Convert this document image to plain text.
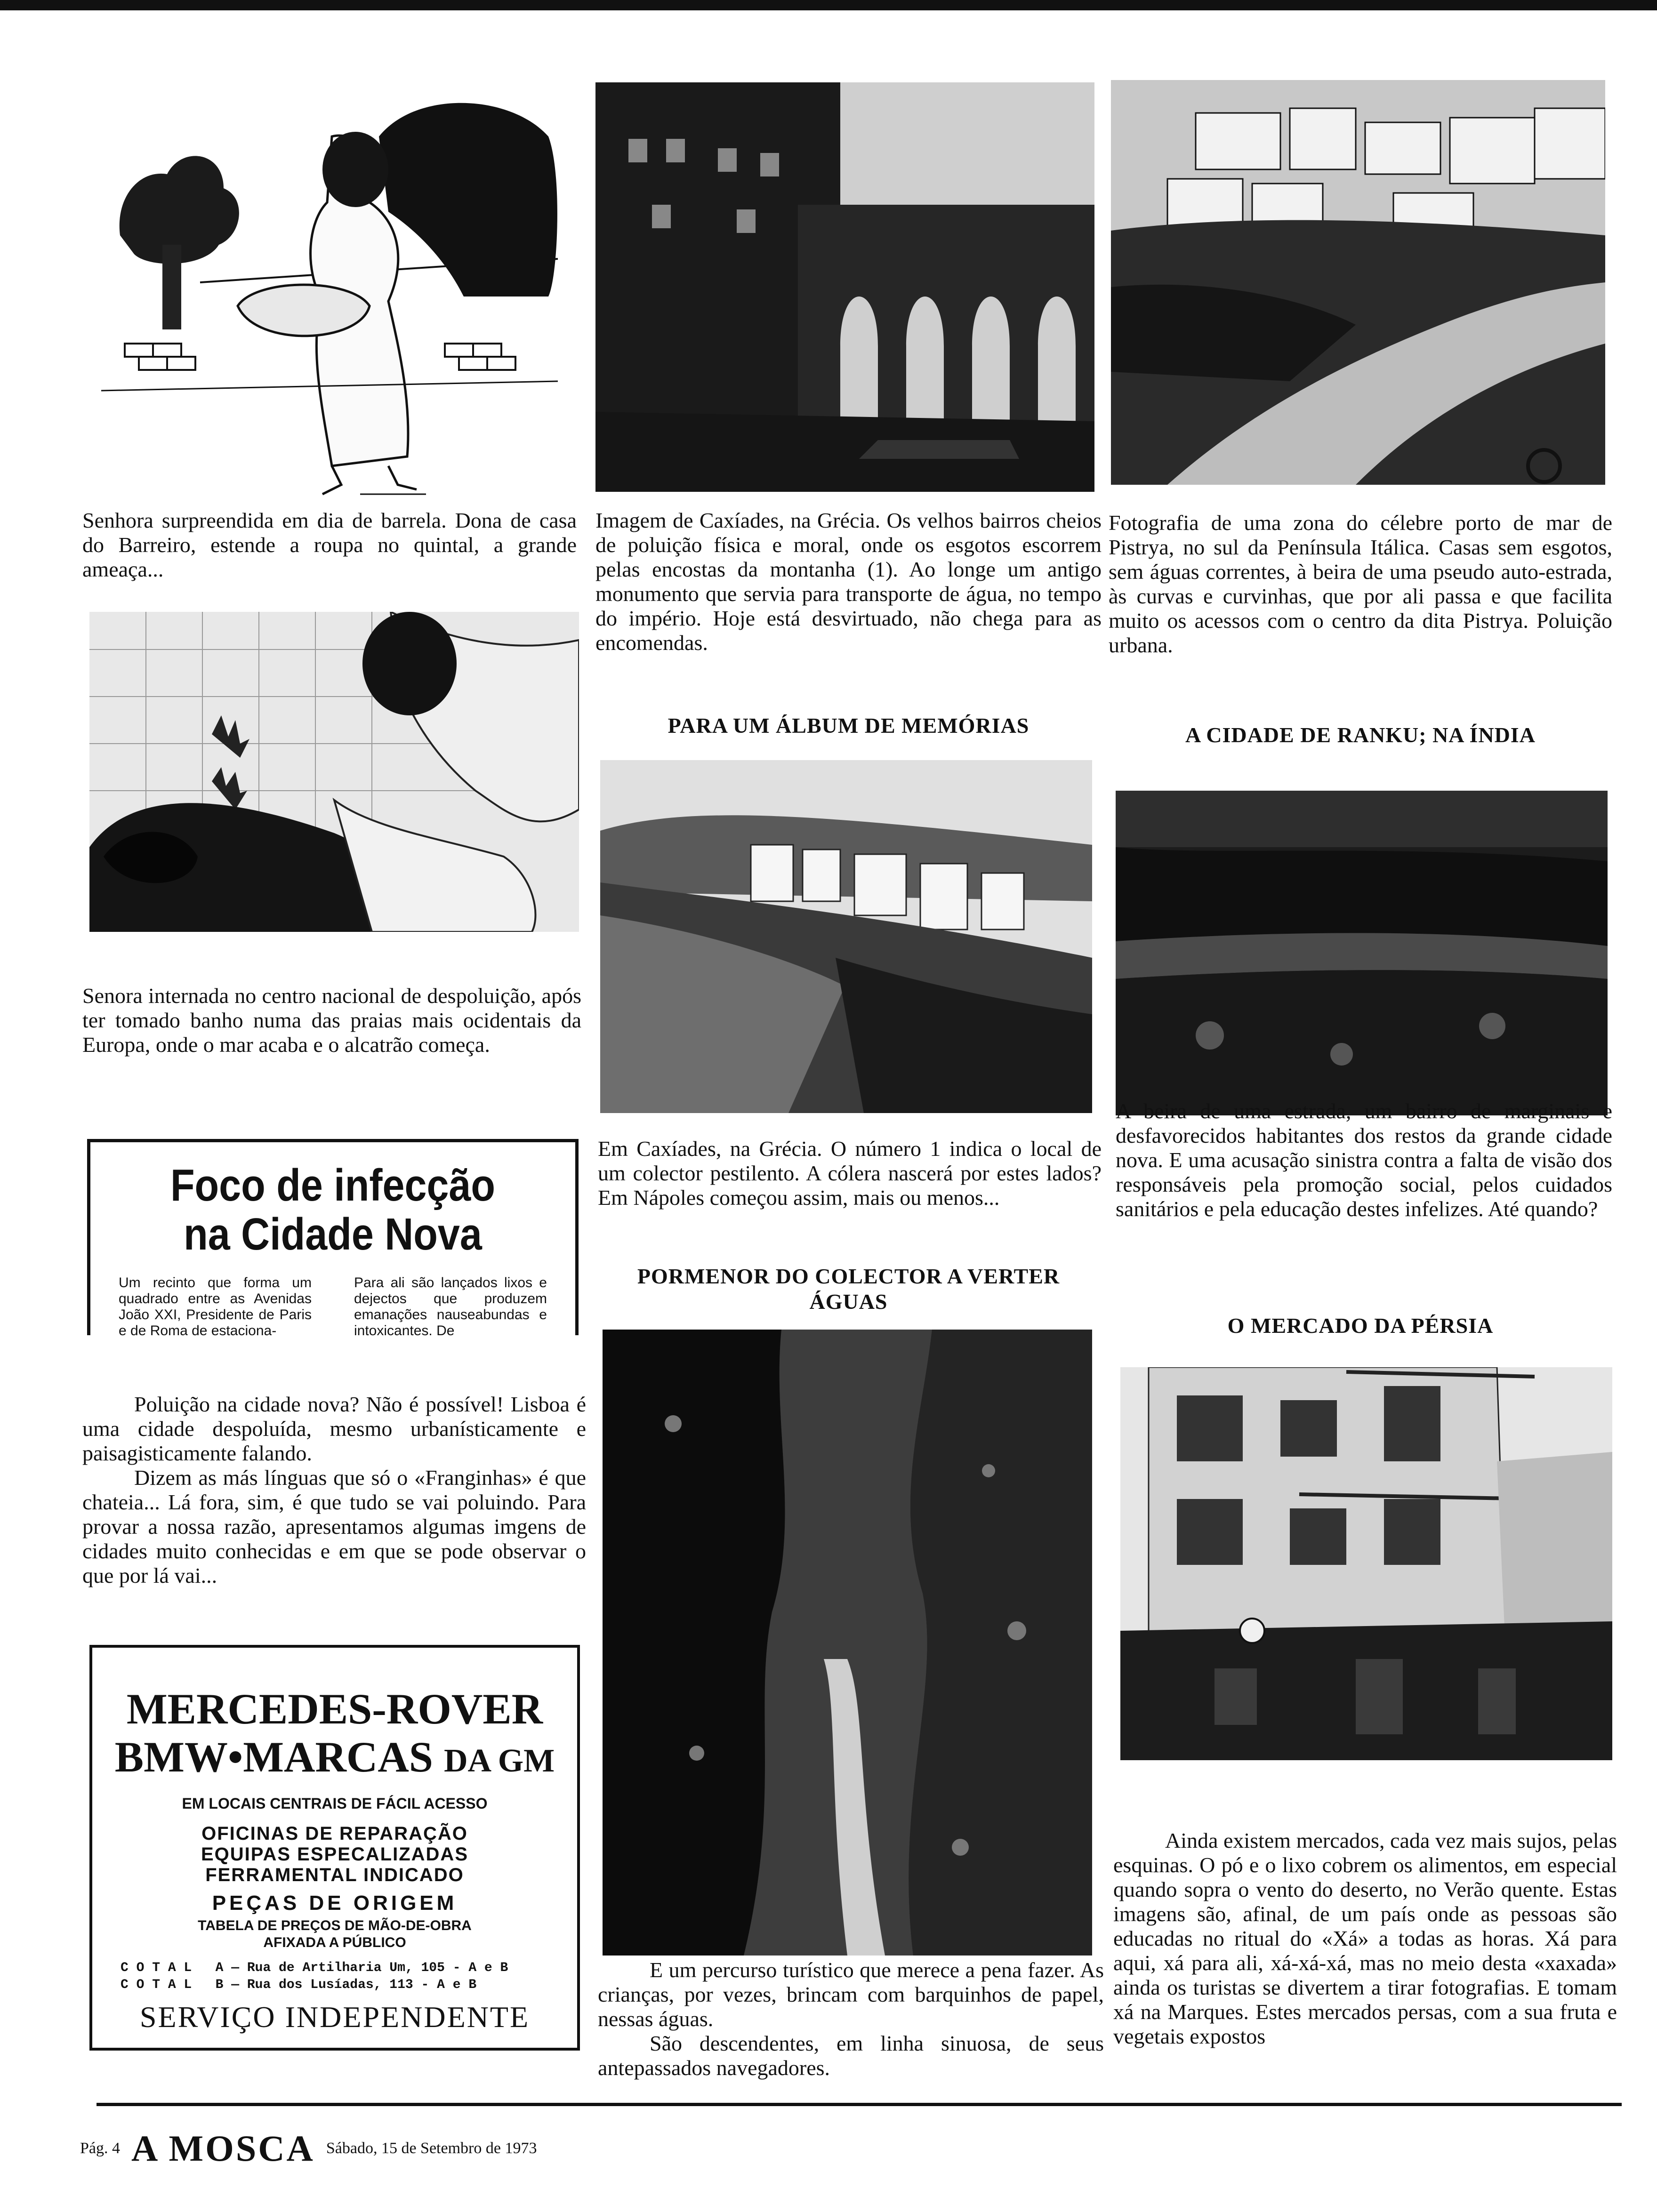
Senhora surpreendida em dia de barrela. Dona de casa do Barreiro, estende a roupa no quintal, a grande ameaça...
Senora internada no centro nacional de despoluição, após ter tomado banho numa das praias mais ocidentais da Europa, onde o mar acaba e o alcatrão começa.
Foco de infecção
na Cidade Nova
Um recinto que forma um quadrado entre as Avenidas João XXI, Presidente de Paris e de Roma de estaciona-
Para ali são lançados lixos e dejectos que produzem emanações nauseabundas e intoxicantes. De

Poluição na cidade nova? Não é possível! Lisboa é uma cidade despoluída, mesmo urbanísticamente e paisagisticamente falando.

Dizem as más línguas que só o «Franginhas» é que chateia... Lá fora, sim, é que tudo se vai poluindo. Para provar a nossa razão, apresentamos algumas imgens de cidades muito conhecidas e em que se pode observar o que por lá vai...

MERCEDES-ROVER
BMW•MARCAS DA GM
EM LOCAIS CENTRAIS DE FÁCIL ACESSO
OFICINAS DE REPARAÇÃO
EQUIPAS ESPECALIZADAS
FERRAMENTAL INDICADO
PEÇAS DE ORIGEM
TABELA DE PREÇOS DE MÃO-DE-OBRA
AFIXADA A PÚBLICO
C O T A L   A — Rua de Artilharia Um, 105 - A e B
C O T A L   B — Rua dos Lusíadas, 113 - A e B
SERVIÇO INDEPENDENTE
Imagem de Caxíades, na Grécia. Os velhos bairros cheios de poluição física e moral, onde os esgotos escorrem pelas encostas da montanha (1). Ao longe um antigo monumento que servia para transporte de água, no tempo do império. Hoje está desvirtuado, não chega para as encomendas.
PARA UM ÁLBUM DE MEMÓRIAS
Em Caxíades, na Grécia. O número 1 indica o local de um colector pestilento. A cólera nascerá por estes lados? Em Nápoles começou assim, mais ou menos...
PORMENOR DO COLECTOR A VERTER ÁGUAS

E um percurso turístico que merece a pena fazer. As crianças, por vezes, brincam com barquinhos de papel, nessas águas.

São descendentes, em linha sinuosa, de seus antepassados navegadores.

Fotografia de uma zona do célebre porto de mar de Pistrya, no sul da Península Itálica. Casas sem esgotos, sem águas correntes, à beira de uma pseudo auto-estrada, às curvas e curvinhas, que por ali passa e que facilita muito os acessos com o centro da dita Pistrya. Poluição urbana.
A CIDADE DE RANKU; NA ÍNDIA
A beira de uma estrada, um bairro de marginais e desfavorecidos habitantes dos restos da grande cidade nova. E uma acusação sinistra contra a falta de visão dos responsáveis pela promoção social, pelos cuidados sanitários e pela educação destes infelizes. Até quando?
O MERCADO DA PÉRSIA
Ainda existem mercados, cada vez mais sujos, pelas esquinas. O pó e o lixo cobrem os alimentos, em especial quando sopra o vento do deserto, no Verão quente. Estas imagens são, afinal, de um país onde as pessoas são educadas no ritual do «Xá» a todas as horas. Xá para aqui, xá para ali, xá-xá-xá, mas no meio desta «xaxada» ainda os turistas se divertem a tirar fotografias. E tomam xá na Marques. Estes mercados persas, com a sua fruta e vegetais expostos
Pág. 4 A MOSCA Sábado, 15 de Setembro de 1973
